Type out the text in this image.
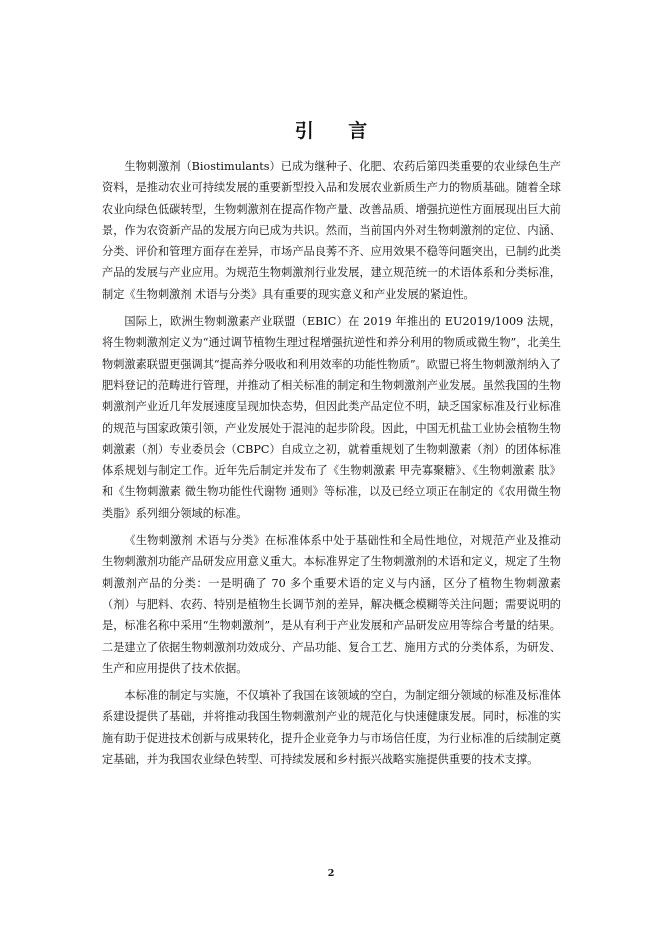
引 言

生物刺激剂（Biostimulants）已成为继种子、化肥、农药后第四类重要的农业绿色生产资料，是推动农业可持续发展的重要新型投入品和发展农业新质生产力的物质基础。随着全球农业向绿色低碳转型，生物刺激剂在提高作物产量、改善品质、增强抗逆性方面展现出巨大前景，作为农资新产品的发展方向已成为共识。然而，当前国内外对生物刺激剂的定位、内涵、分类、评价和管理方面存在差异，市场产品良莠不齐、应用效果不稳等问题突出，已制约此类产品的发展与产业应用。为规范生物刺激剂行业发展，建立规范统一的术语体系和分类标准，制定《生物刺激剂 术语与分类》具有重要的现实意义和产业发展的紧迫性。

国际上，欧洲生物刺激素产业联盟（EBIC）在 2019 年推出的 EU2019/1009 法规，将生物刺激剂定义为“通过调节植物生理过程增强抗逆性和养分利用的物质或微生物”，北美生物刺激素联盟更强调其“提高养分吸收和利用效率的功能性物质”。欧盟已将生物刺激剂纳入了肥料登记的范畴进行管理，并推动了相关标准的制定和生物刺激剂产业发展。虽然我国的生物刺激剂产业近几年发展速度呈现加快态势，但因此类产品定位不明，缺乏国家标准及行业标准的规范与国家政策引领，产业发展处于混沌的起步阶段。因此，中国无机盐工业协会植物生物刺激素（剂）专业委员会（CBPC）自成立之初，就着重规划了生物刺激素（剂）的团体标准体系规划与制定工作。近年先后制定并发布了《生物刺激素 甲壳寡聚糖》、《生物刺激素 肽》和《生物刺激素 微生物功能性代谢物 通则》等标准，以及已经立项正在制定的《农用微生物类脂》系列细分领域的标准。

《生物刺激剂 术语与分类》在标准体系中处于基础性和全局性地位，对规范产业及推动生物刺激剂功能产品研发应用意义重大。本标准界定了生物刺激剂的术语和定义，规定了生物刺激剂产品的分类：一是明确了 70 多个重要术语的定义与内涵，区分了植物生物刺激素（剂）与肥料、农药、特别是植物生长调节剂的差异，解决概念模糊等关注问题；需要说明的是，标准名称中采用“生物刺激剂”，是从有利于产业发展和产品研发应用等综合考量的结果。二是建立了依据生物刺激剂功效成分、产品功能、复合工艺、施用方式的分类体系，为研发、生产和应用提供了技术依据。

本标准的制定与实施，不仅填补了我国在该领域的空白，为制定细分领域的标准及标准体系建设提供了基础，并将推动我国生物刺激剂产业的规范化与快速健康发展。同时，标准的实施有助于促进技术创新与成果转化，提升企业竞争力与市场信任度，为行业标准的后续制定奠定基础，并为我国农业绿色转型、可持续发展和乡村振兴战略实施提供重要的技术支撑。

2
